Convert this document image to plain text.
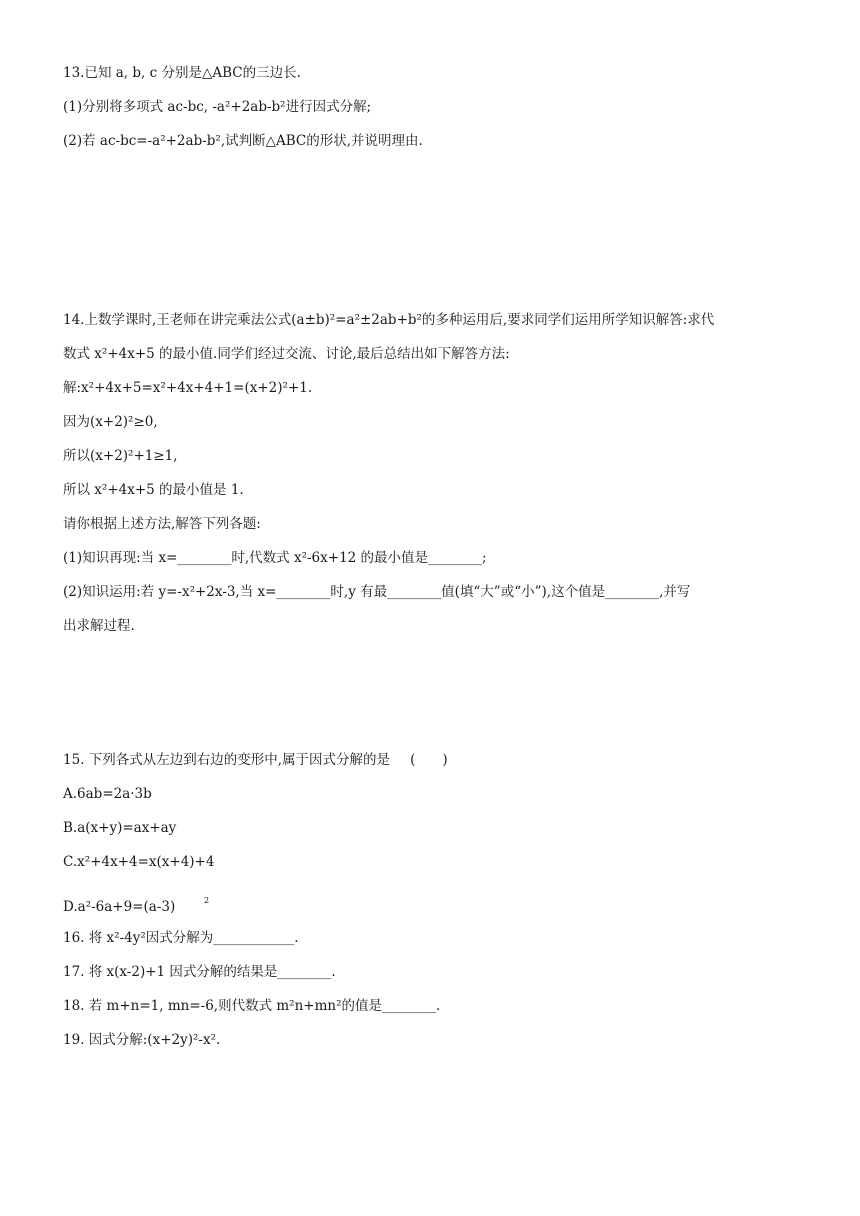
13.已知 a, b, c 分别是△ABC的三边长.
(1)分别将多项式 ac-bc, -a²+2ab-b²进行因式分解;
(2)若 ac-bc=-a²+2ab-b²,试判断△ABC的形状,并说明理由.
14.上数学课时,王老师在讲完乘法公式(a±b)²=a²±2ab+b²的多种运用后,要求同学们运用所学知识解答:求代
数式 x²+4x+5 的最小值.同学们经过交流、讨论,最后总结出如下解答方法:
解:x²+4x+5=x²+4x+4+1=(x+2)²+1.
因为(x+2)²≥0,
所以(x+2)²+1≥1,
所以 x²+4x+5 的最小值是 1.
请你根据上述方法,解答下列各题:
(1)知识再现:当 x=________时,代数式 x²-6x+12 的最小值是________;
(2)知识运用:若 y=-x²+2x-3,当 x=________时,y 有最________值(填“大”或“小”),这个值是________,并写
出求解过程.
15. 下列各式从左边到右边的变形中,属于因式分解的是 (　　)
A.6ab=2a·3b
B.a(x+y)=ax+ay
C.x²+4x+4=x(x+4)+4
D.a²-6a+9=(a-3)	2
16. 将 x²-4y²因式分解为____________.
17. 将 x(x-2)+1 因式分解的结果是________.
18. 若 m+n=1, mn=-6,则代数式 m²n+mn²的值是________.
19. 因式分解:(x+2y)²-x².
